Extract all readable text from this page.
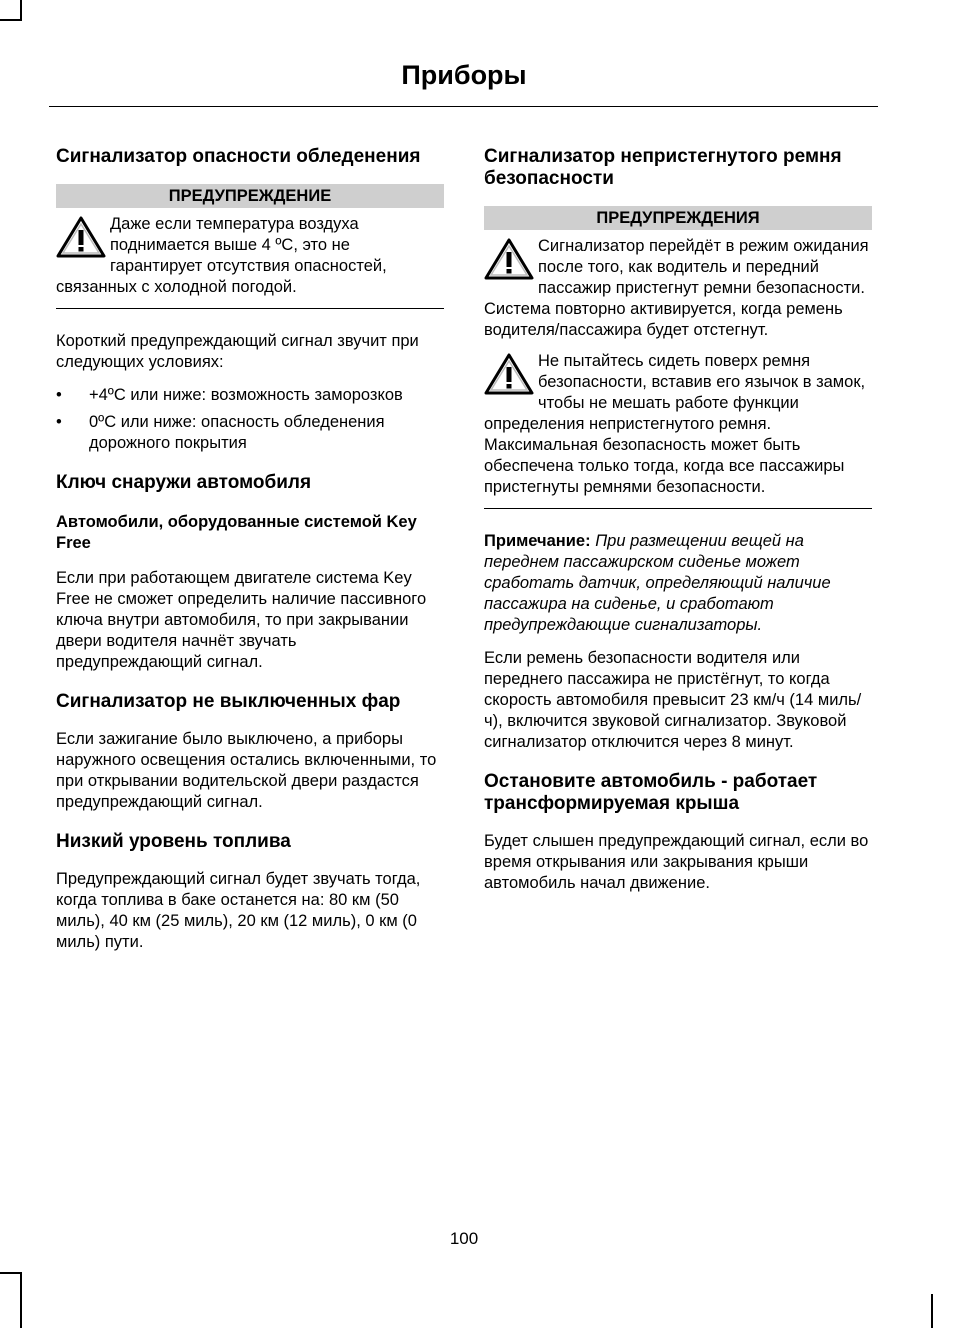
Приборы
Сигнализатор опасности обледенения
ПРЕДУПРЕЖДЕНИЕ
Даже если температура воздуха поднимается выше 4 ºC, это не гарантирует отсутствия опасностей, связанных с холодной погодой.

Короткий предупреждающий сигнал звучит при следующих условиях:

• +4ºC или ниже: возможность заморозков
• 0ºC или ниже: опасность обледенения дорожного покрытия
Ключ снаружи автомобиля
Автомобили, оборудованные системой Key Free

Если при работающем двигателе система Key Free не сможет определить наличие пассивного ключа внутри автомобиля, то при закрывании двери водителя начнёт звучать предупреждающий сигнал.

Сигнализатор не выключенных фар

Если зажигание было выключено, а приборы наружного освещения остались включенными, то при открывании водительской двери раздастся предупреждающий сигнал.

Низкий уровень топлива

Предупреждающий сигнал будет звучать тогда, когда топлива в баке останется на: 80 км (50 миль), 40 км (25 миль), 20 км (12 миль), 0 км (0 миль) пути.

Сигнализатор непристегнутого ремня безопасности
ПРЕДУПРЕЖДЕНИЯ
Сигнализатор перейдёт в режим ожидания после того, как водитель и передний пассажир пристегнут ремни безопасности. Система повторно активируется, когда ремень водителя/пассажира будет отстегнут.
Не пытайтесь сидеть поверх ремня безопасности, вставив его язычок в замок, чтобы не мешать работе функции определения непристегнутого ремня. Максимальная безопасность может быть обеспечена только тогда, когда все пассажиры пристегнуты ремнями безопасности.

Примечание: При размещении вещей на переднем пассажирском сиденье может сработать датчик, определяющий наличие пассажира на сиденье, и сработают предупреждающие сигнализаторы.

Если ремень безопасности водителя или переднего пассажира не пристёгнут, то когда скорость автомобиля превысит 23 км/ч (14 миль/ч), включится звуковой сигнализатор. Звуковой сигнализатор отключится через 8 минут.

Остановите автомобиль - работает трансформируемая крыша

Будет слышен предупреждающий сигнал, если во время открывания или закрывания крыши автомобиль начал движение.

100
